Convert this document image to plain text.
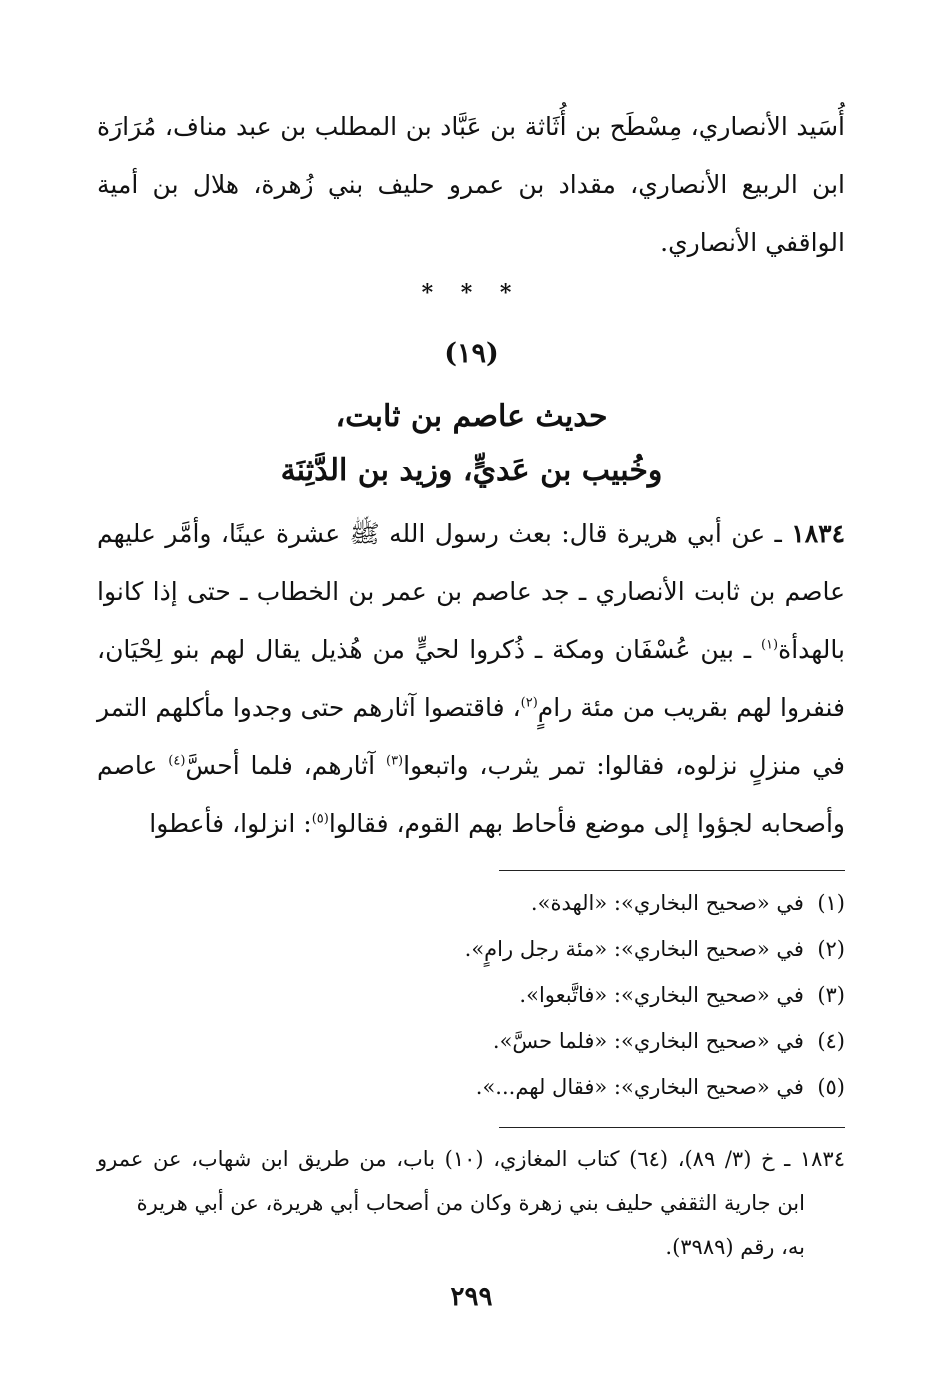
أُسَيد الأنصاري، مِسْطَح بن أُثَاثة بن عَبَّاد بن المطلب بن عبد مناف، مُرَارَة ابن الربيع الأنصاري، مقداد بن عمرو حليف بني زُهرة، هلال بن أمية الواقفي الأنصاري.

* * *
(١٩)
حديث عاصم بن ثابت،
وخُبيب بن عَديٍّ، وزيد بن الدَّثِنَة

١٨٣٤ ـ عن أبي هريرة قال: بعث رسول الله ﷺ عشرة عينًا، وأمَّر عليهم عاصم بن ثابت الأنصاري ـ جد عاصم بن عمر بن الخطاب ـ حتى إذا كانوا بالهدأة$^{(١)}$ ـ بين عُسْفَان ومكة ـ ذُكروا لحيٍّ من هُذيل يقال لهم بنو لِحْيَان، فنفروا لهم بقريب من مئة رامٍ$^{(٢)}$، فاقتصوا آثارهم حتى وجدوا مأكلهم التمر في منزلٍ نزلوه، فقالوا: تمر يثرب، واتبعوا$^{(٣)}$ آثارهم، فلما أحسَّ$^{(٤)}$ عاصم وأصحابه لجؤوا إلى موضع فأحاط بهم القوم، فقالوا$^{(٥)}$: انزلوا، فأعطوا

(١)  في «صحيح البخاري»: «الهدة».
(٢)  في «صحيح البخاري»: «مئة رجل رامٍ».
(٣)  في «صحيح البخاري»: «فاتَّبعوا».
(٤)  في «صحيح البخاري»: «فلما حسَّ».
(٥)  في «صحيح البخاري»: «فقال لهم...».
١٨٣٤ ـ خ (٣/ ٨٩)، (٦٤) كتاب المغازي، (١٠) باب، من طريق ابن شهاب، عن عمرو
ابن جارية الثقفي حليف بني زهرة وكان من أصحاب أبي هريرة، عن أبي هريرة
به، رقم (٣٩٨٩).
٢٩٩
